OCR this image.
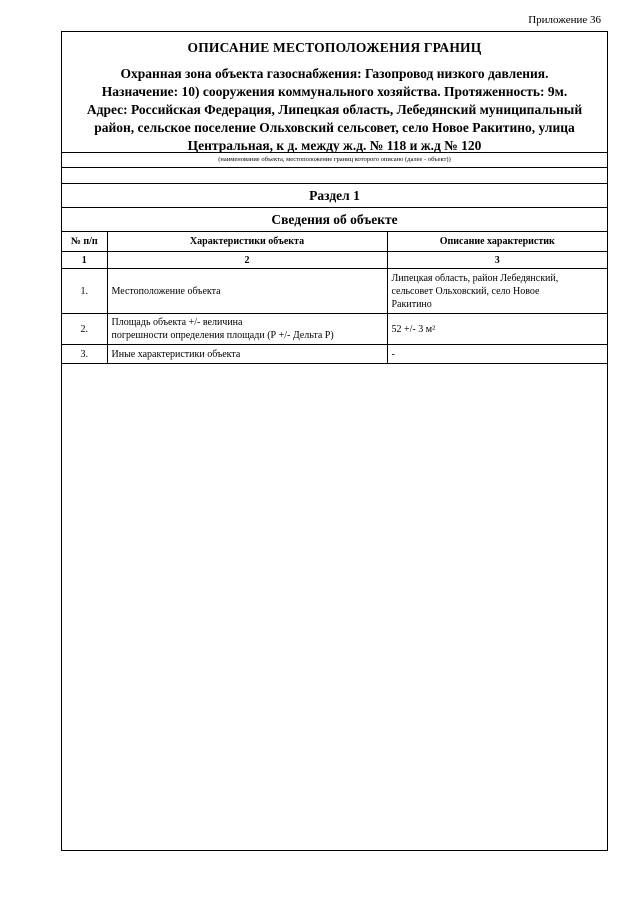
Приложение 36
ОПИСАНИЕ МЕСТОПОЛОЖЕНИЯ ГРАНИЦ
Охранная зона объекта газоснабжения: Газопровод низкого давления.
Назначение: 10) сооружения коммунального хозяйства. Протяженность: 9м.
Адрес: Российская Федерация, Липецкая область, Лебедянский муниципальный
район, сельское поселение Ольховский сельсовет, село Новое Ракитино, улица
Центральная, к д. между ж.д. № 118 и ж.д № 120
(наименование объекта, местоположение границ которого описано (далее - объект))
Раздел 1
Сведения об объекте
№ п/п	Характеристики объекта	Описание характеристик
1	2	3
1.	Местоположение объекта	Липецкая область, район Лебедянский,
сельсовет Ольховский, село Новое
Ракитино

2.	Площадь объекта +/- величина
погрешности определения площади (Р +/- Дельта Р)	52 +/- 3 м²

3.	Иные характеристики объекта	-
